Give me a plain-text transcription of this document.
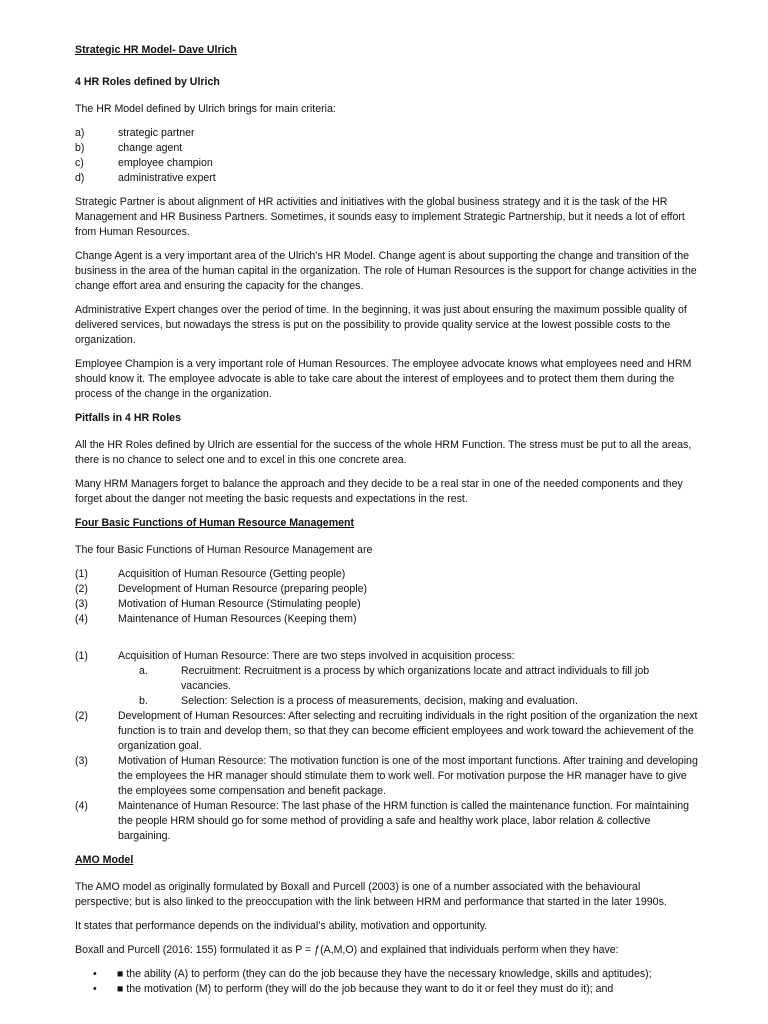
Strategic HR Model- Dave Ulrich

4 HR Roles defined by Ulrich

The HR Model defined by Ulrich brings for main criteria:

a)	strategic partner
b)	change agent
c)	employee champion
d)	administrative expert

Strategic Partner is about alignment of HR activities and initiatives with the global business strategy and it is the task of the HR Management and HR Business Partners. Sometimes, it sounds easy to implement Strategic Partnership, but it needs a lot of effort from Human Resources.

Change Agent is a very important area of the Ulrich’s HR Model. Change agent is about supporting the change and transition of the business in the area of the human capital in the organization. The role of Human Resources is the support for change activities in the change effort area and ensuring the capacity for the changes.

Administrative Expert changes over the period of time. In the beginning, it was just about ensuring the maximum possible quality of delivered services, but nowadays the stress is put on the possibility to provide quality service at the lowest possible costs to the organization.

Employee Champion is a very important role of Human Resources. The employee advocate knows what employees need and HRM should know it. The employee advocate is able to take care about the interest of employees and to protect them them during the process of the change in the organization.

Pitfalls in 4 HR Roles

All the HR Roles defined by Ulrich are essential for the success of the whole HRM Function. The stress must be put to all the areas, there is no chance to select one and to excel in this one concrete area.

Many HRM Managers forget to balance the approach and they decide to be a real star in one of the needed components and they forget about the danger not meeting the basic requests and expectations in the rest.

Four Basic Functions of Human Resource Management

The four Basic Functions of Human Resource Management are

(1)	Acquisition of Human Resource (Getting people)
(2)	Development of Human Resource (preparing people)
(3)	Motivation of Human Resource (Stimulating people)
(4)	Maintenance of Human Resources (Keeping them)
(1)	Acquisition of Human Resource: There are two steps involved in acquisition process:
a.	Recruitment: Recruitment is a process by which organizations locate and attract individuals to fill job vacancies.
b.	Selection: Selection is a process of measurements, decision, making and evaluation.
(2)	Development of Human Resources: After selecting and recruiting individuals in the right position of the organization the next function is to train and develop them, so that they can become efficient employees and work toward the achievement of the organization goal.
(3)	Motivation of Human Resource: The motivation function is one of the most important functions. After training and developing the employees the HR manager should stimulate them to work well. For motivation purpose the HR manager have to give the employees some compensation and benefit package.
(4)	Maintenance of Human Resource: The last phase of the HRM function is called the maintenance function. For maintaining the people HRM should go for some method of providing a safe and healthy work place, labor relation & collective bargaining.

AMO Model

The AMO model as originally formulated by Boxall and Purcell (2003) is one of a number associated with the behavioural perspective; but is also linked to the preoccupation with the link between HRM and performance that started in the later 1990s.

It states that performance depends on the individual’s ability, motivation and opportunity.

Boxall and Purcell (2016: 155) formulated it as P = ƒ(A,M,O) and explained that individuals perform when they have:

•	■ the ability (A) to perform (they can do the job because they have the necessary knowledge, skills and aptitudes);
•	■ the motivation (M) to perform (they will do the job because they want to do it or feel they must do it); and
